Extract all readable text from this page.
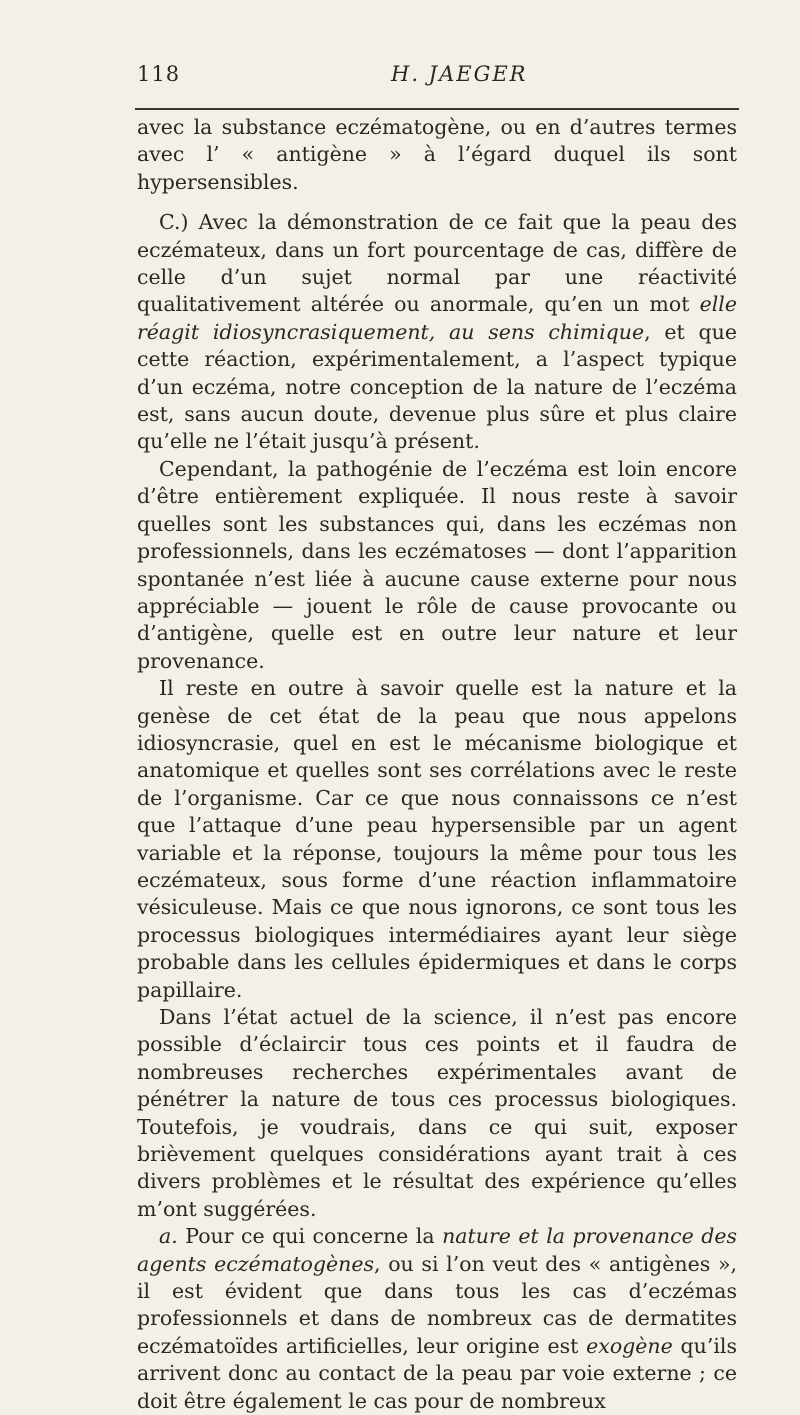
118	H. JAEGER

avec la substance eczématogène, ou en d’autres termes avec l’ « antigène » à l’égard duquel ils sont hypersensibles.

C.) Avec la démonstration de ce fait que la peau des eczémateux, dans un fort pourcentage de cas, diffère de celle d’un sujet normal par une réactivité qualitativement altérée ou anormale, qu’en un mot elle réagit idiosyncrasiquement, au sens chimique, et que cette réaction, expérimentalement, a l’aspect typique d’un eczéma, notre conception de la nature de l’eczéma est, sans aucun doute, devenue plus sûre et plus claire qu’elle ne l’était jusqu’à présent.

Cependant, la pathogénie de l’eczéma est loin encore d’être entièrement expliquée. Il nous reste à savoir quelles sont les substances qui, dans les eczémas non professionnels, dans les eczématoses — dont l’apparition spontanée n’est liée à aucune cause externe pour nous appréciable — jouent le rôle de cause provocante ou d’antigène, quelle est en outre leur nature et leur provenance.

Il reste en outre à savoir quelle est la nature et la genèse de cet état de la peau que nous appelons idiosyncrasie, quel en est le mécanisme biologique et anatomique et quelles sont ses corrélations avec le reste de l’organisme. Car ce que nous connaissons ce n’est que l’attaque d’une peau hypersensible par un agent variable et la réponse, toujours la même pour tous les eczémateux, sous forme d’une réaction inflammatoire vésiculeuse. Mais ce que nous ignorons, ce sont tous les processus biologiques intermédiaires ayant leur siège probable dans les cellules épidermiques et dans le corps papillaire.

Dans l’état actuel de la science, il n’est pas encore possible d’éclaircir tous ces points et il faudra de nombreuses recherches expérimentales avant de pénétrer la nature de tous ces processus biologiques. Toutefois, je voudrais, dans ce qui suit, exposer brièvement quelques considérations ayant trait à ces divers problèmes et le résultat des expérience qu’elles m’ont suggérées.

a. Pour ce qui concerne la nature et la provenance des agents eczématogènes, ou si l’on veut des « antigènes », il est évident que dans tous les cas d’eczémas professionnels et dans de nombreux cas de dermatites eczématoïdes artificielles, leur origine est exogène qu’ils arrivent donc au contact de la peau par voie externe ; ce doit être également le cas pour de nombreux
